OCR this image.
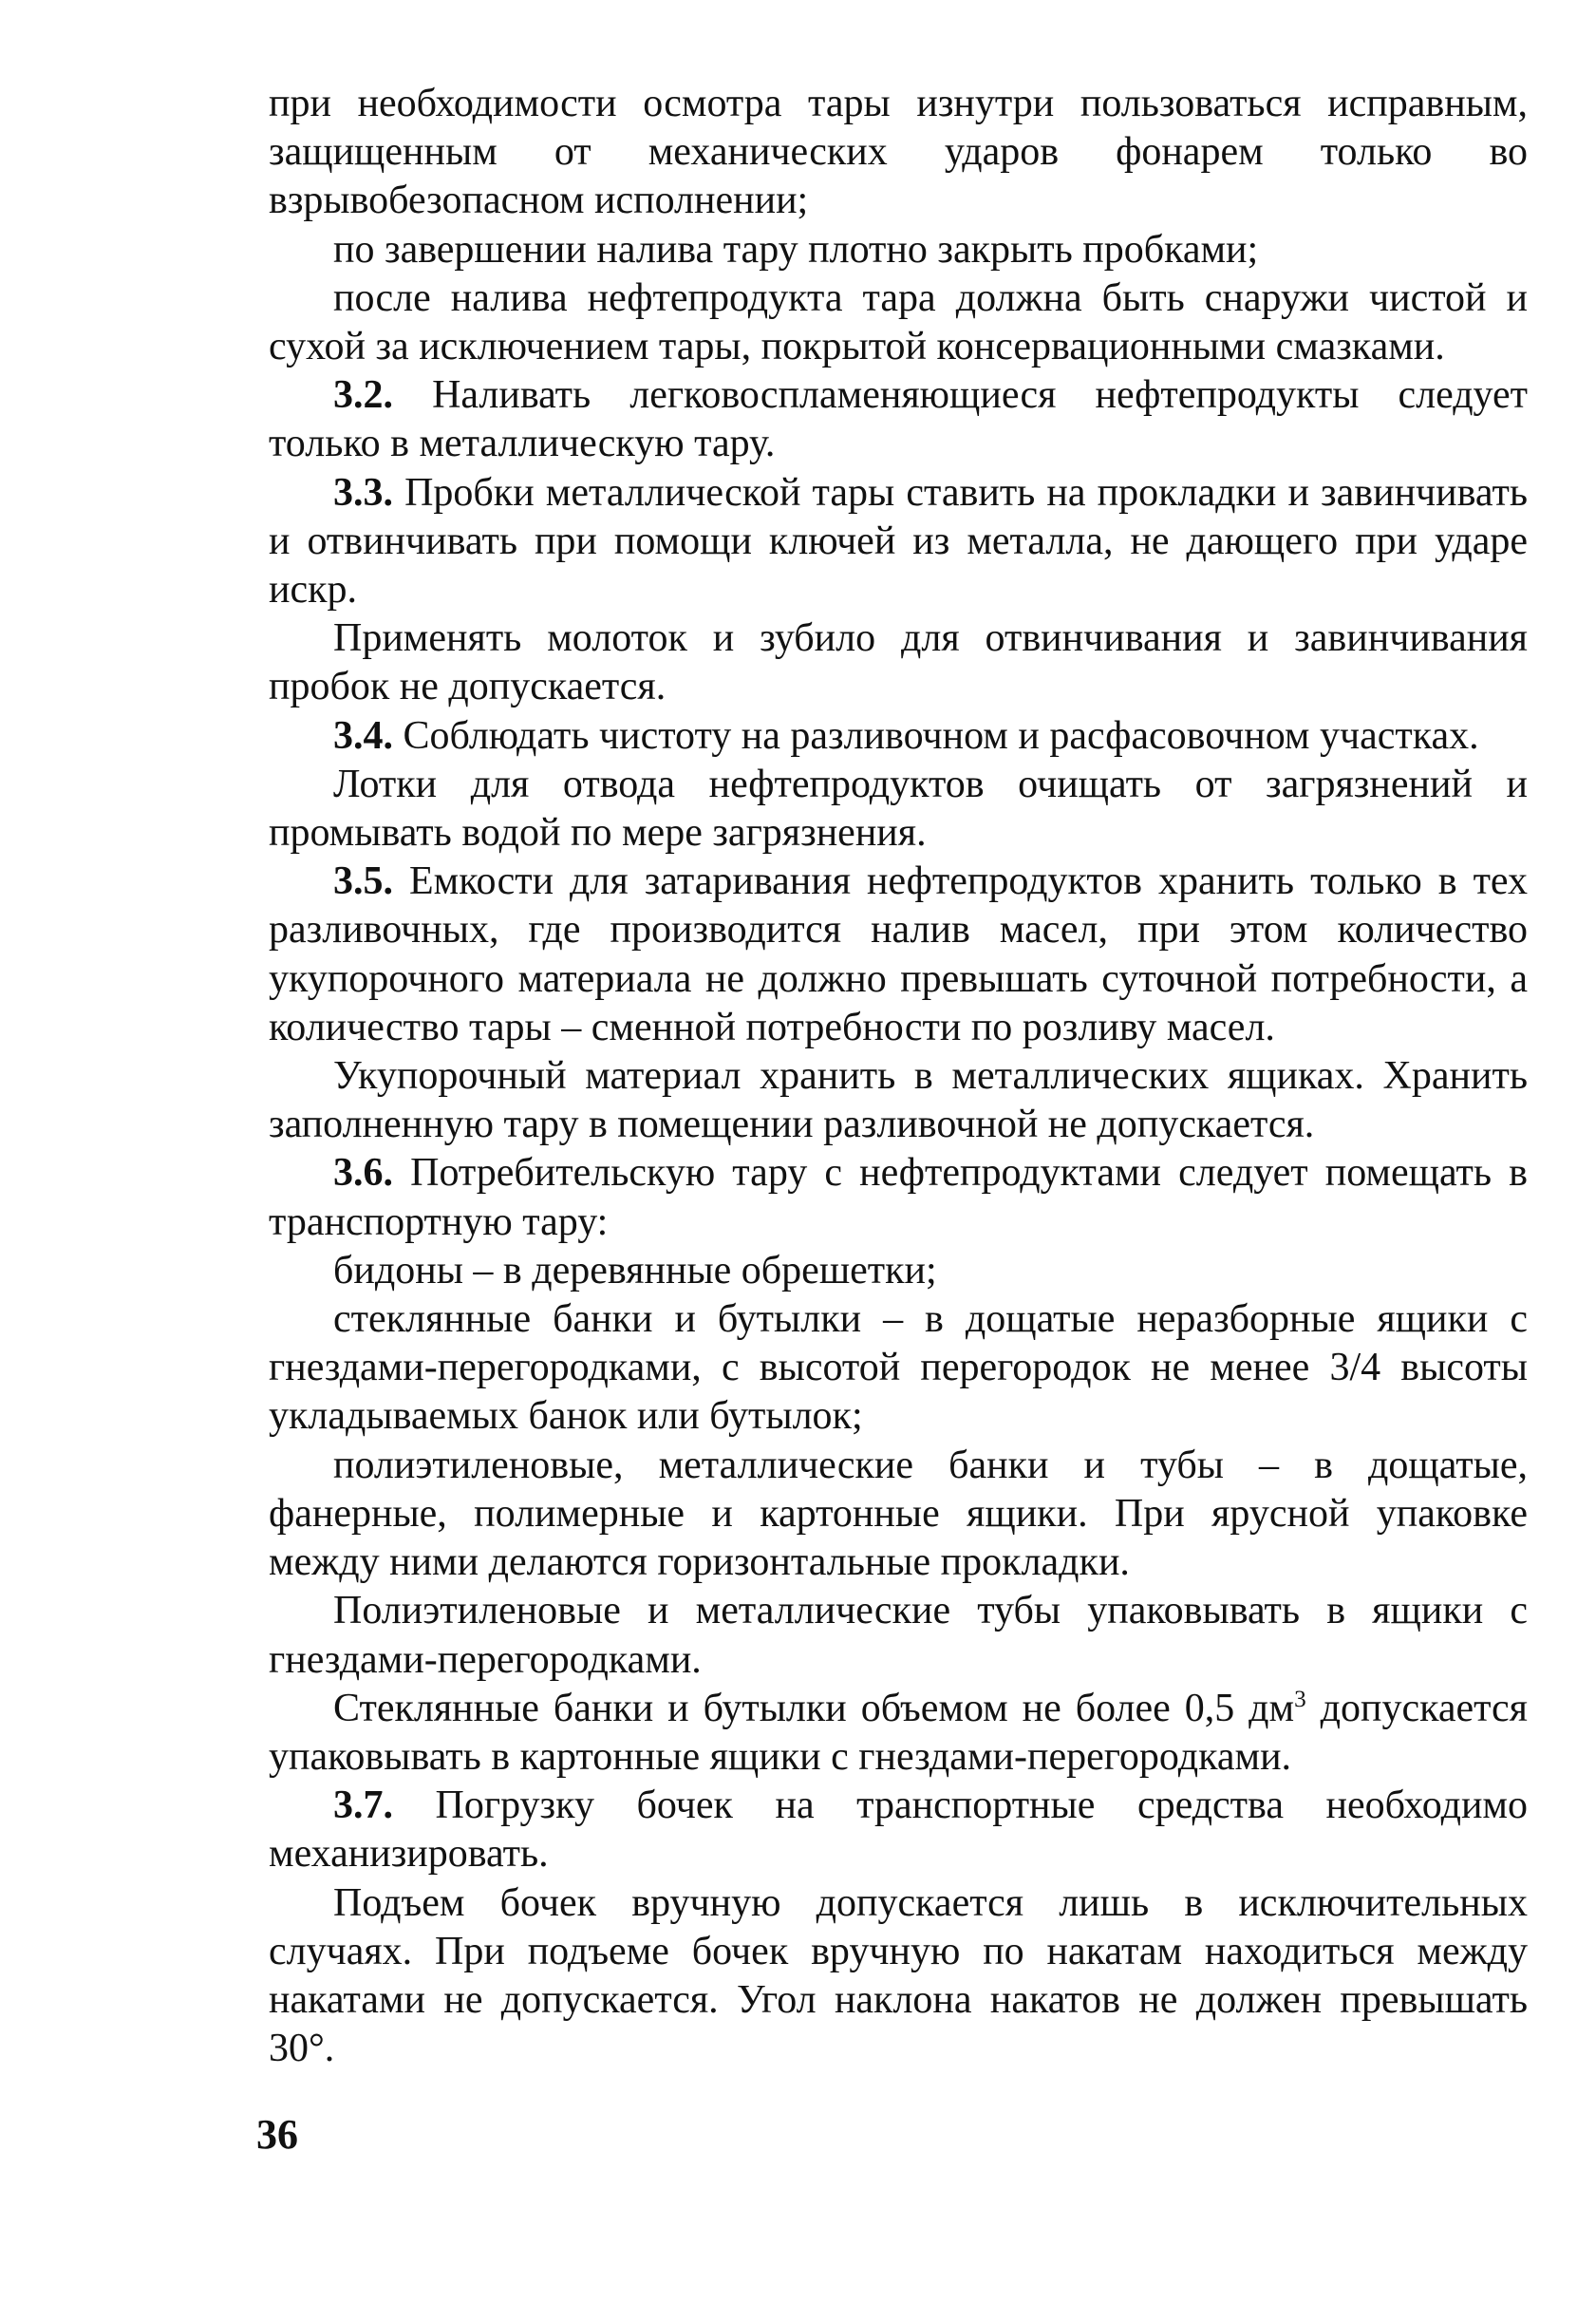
при необходимости осмотра тары изнутри пользоваться исправным, защищенным от механических ударов фонарем только во взрывобезопасном исполнении;

по завершении налива тару плотно закрыть пробками;

после налива нефтепродукта тара должна быть снаружи чистой и сухой за исключением тары, покрытой консервационными смазками.

3.2. Наливать легковоспламеняющиеся нефтепродукты следует только в металлическую тару.

3.3. Пробки металлической тары ставить на прокладки и завинчивать и отвинчивать при помощи ключей из металла, не дающего при ударе искр.

Применять молоток и зубило для отвинчивания и завинчивания пробок не допускается.

3.4. Соблюдать чистоту на разливочном и расфасовочном участках.

Лотки для отвода нефтепродуктов очищать от загрязнений и промывать водой по мере загрязнения.

3.5. Емкости для затаривания нефтепродуктов хранить только в тех разливочных, где производится налив масел, при этом количество укупорочного материала не должно превышать суточной потребности, а количество тары – сменной потребности по розливу масел.

Укупорочный материал хранить в металлических ящиках. Хранить заполненную тару в помещении разливочной не допускается.

3.6. Потребительскую тару с нефтепродуктами следует помещать в транспортную тару:

бидоны – в деревянные обрешетки;

стеклянные банки и бутылки – в дощатые неразборные ящики с гнездами-перегородками, с высотой перегородок не менее 3/4 высоты укладываемых банок или бутылок;

полиэтиленовые, металлические банки и тубы – в дощатые, фанерные, полимерные и картонные ящики. При ярусной упаковке между ними делаются горизонтальные прокладки.

Полиэтиленовые и металлические тубы упаковывать в ящики с гнездами-перегородками.

Стеклянные банки и бутылки объемом не более 0,5 $дм^3$ допускается упаковывать в картонные ящики с гнездами-перегородками.

3.7. Погрузку бочек на транспортные средства необходимо механизировать.

Подъем бочек вручную допускается лишь в исключительных случаях. При подъеме бочек вручную по накатам находиться между накатами не допускается. Угол наклона накатов не должен превышать 30°.

36
